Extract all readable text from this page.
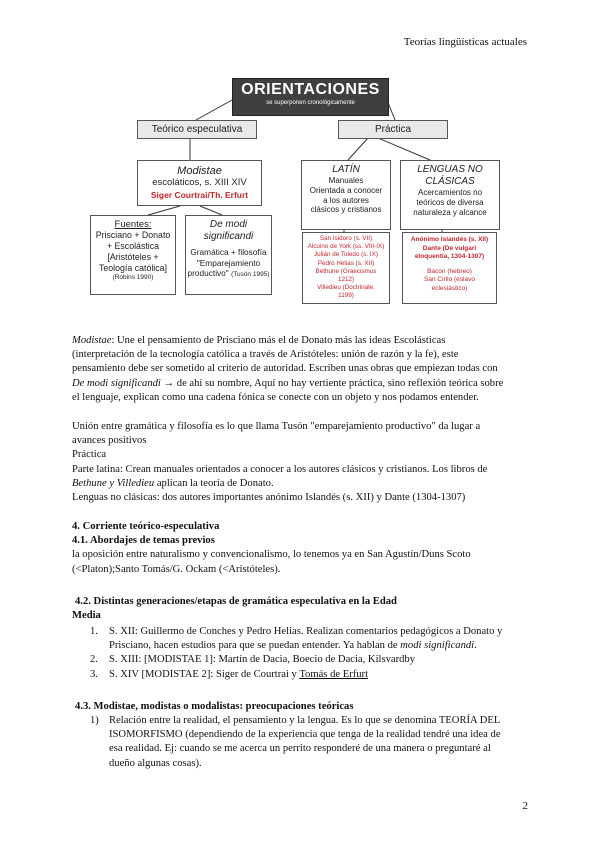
Teorías lingüísticas actuales
ORIENTACIONES
se superponen cronológicamente
Teórico especulativa	Práctica
Modistae
escoláticos, s. XIII XIV
Siger Courtrai/Th. Erfurt
Fuentes:
Prisciano + Donato
+ Escolástica
[Aristóteles +
Teología católica]
(Robins 1990)
De modi
significandi
Gramática + filosofía
"Emparejamiento
productivo" (Tusón 1995)
LATÍN
Manuales
Orientada a conocer
a los autores
clásicos y cristianos
San Isidoro (s. VII)
Alcuino de York (ss. VIII-IX)
Julián de Toledo (s. IX)
Pedro Helias (s. XII)
Bethune (Graecismus
1212)
Villedieu (Doctrinale,
1199)
LENGUAS NO
CLÁSICAS
Acercamientos no
teóricos de diversa
naturaleza y alcance
Anónimo Islandés (s. XII)
Dante (De vulgari
eloquentia, 1304-1307)
Bacon (hebreo)
San Cirilo (eslavo
eclesiástico)
Modistae: Une el pensamiento de Prisciano más el de Donato más las ideas Escolásticas
(interpretación de la tecnología católica a través de Aristóteles: unión de razón y la fe), este
pensamiento debe ser sometido al criterio de autoridad. Escriben unas obras que empiezan todas con
De modi significandi → de ahí su nombre, Aquí no hay vertiente práctica, sino reflexión teórica sobre
el lenguaje, explican como una cadena fónica se conecte con un objeto y nos podamos entender.
Unión entre gramática y filosofía es lo que llama Tusón "emparejamiento productivo" da lugar a
avances positivos
Práctica
Parte latina: Crean manuales orientados a conocer a los autores clásicos y cristianos. Los libros de
Bethune y Villedieu aplican la teoría de Donato.
Lenguas no clásicas: dos autores importantes anónimo Islandés (s. XII) y Dante (1304-1307)
4. Corriente teórico-especulativa
4.1. Abordajes de temas previos
la oposición entre naturalismo y convencionalismo, lo tenemos ya en San Agustín/Duns Scoto
(<Platon);Santo Tomás/G. Ockam (<Aristóteles).
4.2. Distintas generaciones/etapas de gramática especulativa en la Edad
Media
1. S. XII: Guillermo de Conches y Pedro Helias. Realizan comentarios pedagógicos a Donato y
Prisciano, hacen estudios para que se puedan entender. Ya hablan de modi significandi.
2. S. XIII: [MODISTAE 1]: Martín de Dacia, Boecio de Dacia, Kilsvardby
3. S. XIV [MODISTAE 2]: Siger de Courtrai y Tomás de Erfurt
4.3. Modistae, modistas o modalistas: preocupaciones teóricas
1) Relación entre la realidad, el pensamiento y la lengua. Es lo que se denomina TEORÍA DEL
ISOMORFISMO (dependiendo de la experiencia que tenga de la realidad tendré una idea de
esa realidad. Ej: cuando se me acerca un perrito responderé de una manera o preguntaré al
dueño algunas cosas).
2
